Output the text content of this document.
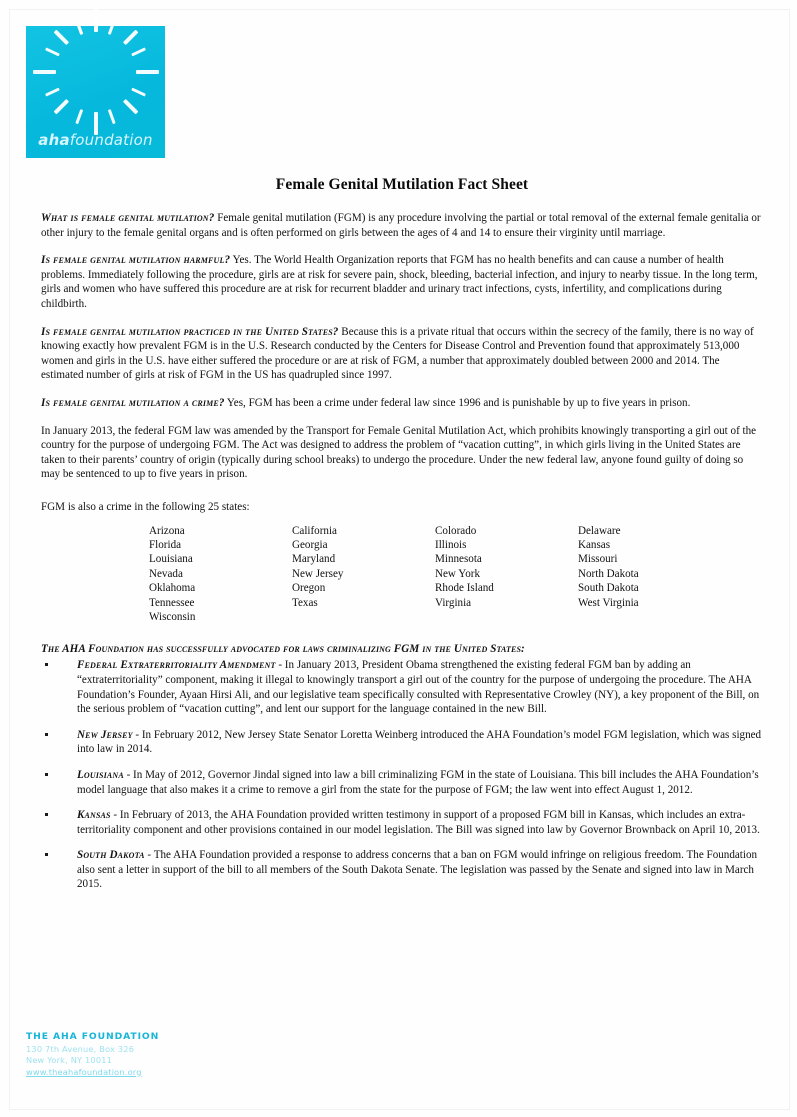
ahafoundation
Female Genital Mutilation Fact Sheet

What is female genital mutilation? Female genital mutilation (FGM) is any procedure involving the partial or total removal of the external female genitalia or other injury to the female genital organs and is often performed on girls between the ages of 4 and 14 to ensure their virginity until marriage.

Is female genital mutilation harmful? Yes. The World Health Organization reports that FGM has no health benefits and can cause a number of health problems. Immediately following the procedure, girls are at risk for severe pain, shock, bleeding, bacterial infection, and injury to nearby tissue. In the long term, girls and women who have suffered this procedure are at risk for recurrent bladder and urinary tract infections, cysts, infertility, and complications during childbirth.

Is female genital mutilation practiced in the United States? Because this is a private ritual that occurs within the secrecy of the family, there is no way of knowing exactly how prevalent FGM is in the U.S. Research conducted by the Centers for Disease Control and Prevention found that approximately 513,000 women and girls in the U.S. have either suffered the procedure or are at risk of FGM, a number that approximately doubled between 2000 and 2014. The estimated number of girls at risk of FGM in the US has quadrupled since 1997.

Is female genital mutilation a crime? Yes, FGM has been a crime under federal law since 1996 and is punishable by up to five years in prison.

In January 2013, the federal FGM law was amended by the Transport for Female Genital Mutilation Act, which prohibits knowingly transporting a girl out of the country for the purpose of undergoing FGM. The Act was designed to address the problem of “vacation cutting”, in which girls living in the United States are taken to their parents’ country of origin (typically during school breaks) to undergo the procedure. Under the new federal law, anyone found guilty of doing so may be sentenced to up to five years in prison.

FGM is also a crime in the following 25 states:

Arizona
Florida
Louisiana
Nevada
Oklahoma
Tennessee
Wisconsin
California
Georgia
Maryland
New Jersey
Oregon
Texas
Colorado
Illinois
Minnesota
New York
Rhode Island
Virginia
Delaware
Kansas
Missouri
North Dakota
South Dakota
West Virginia
The AHA Foundation has successfully advocated for laws criminalizing FGM in the United States:
Federal Extraterritoriality Amendment - In January 2013, President Obama strengthened the existing federal FGM ban by adding an “extraterritoriality” component, making it illegal to knowingly transport a girl out of the country for the purpose of undergoing the procedure. The AHA Foundation’s Founder, Ayaan Hirsi Ali, and our legislative team specifically consulted with Representative Crowley (NY), a key proponent of the Bill, on the serious problem of “vacation cutting”, and lent our support for the language contained in the new Bill.
New Jersey - In February 2012, New Jersey State Senator Loretta Weinberg introduced the AHA Foundation’s model FGM legislation, which was signed into law in 2014.
Louisiana - In May of 2012, Governor Jindal signed into law a bill criminalizing FGM in the state of Louisiana. This bill includes the AHA Foundation’s model language that also makes it a crime to remove a girl from the state for the purpose of FGM; the law went into effect August 1, 2012.
Kansas - In February of 2013, the AHA Foundation provided written testimony in support of a proposed FGM bill in Kansas, which includes an extra-territoriality component and other provisions contained in our model legislation. The Bill was signed into law by Governor Brownback on April 10, 2013.
South Dakota - The AHA Foundation provided a response to address concerns that a ban on FGM would infringe on religious freedom. The Foundation also sent a letter in support of the bill to all members of the South Dakota Senate. The legislation was passed by the Senate and signed into law in March 2015.
THE AHA FOUNDATION
130 7th Avenue, Box 326
New York, NY 10011
www.theahafoundation.org
